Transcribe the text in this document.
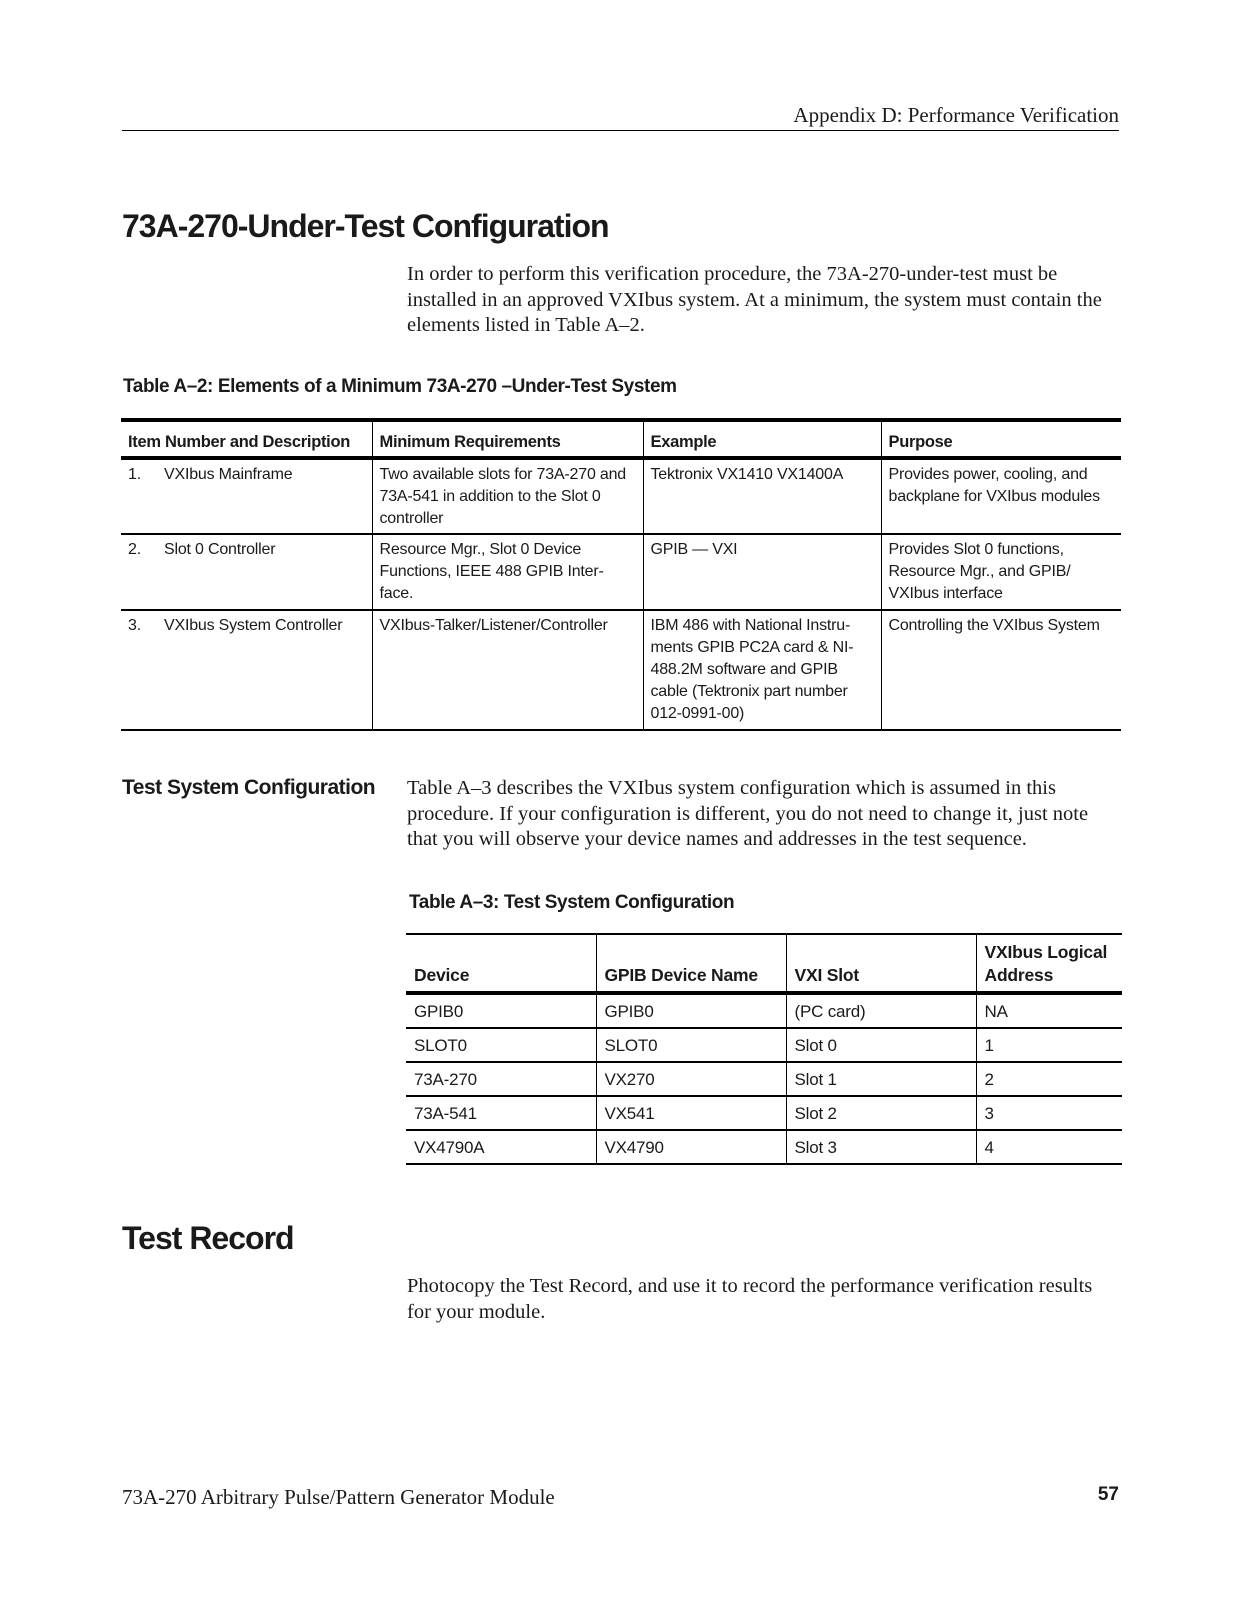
Appendix D: Performance Verification
73A-270-Under-Test Configuration
In order to perform this verification procedure, the 73A-270-under-test must be installed in an approved VXIbus system. At a minimum, the system must contain the elements listed in Table A–2.
Table A–2: Elements of a Minimum 73A-270 –Under-Test System
Item Number and Description	Minimum Requirements	Example	Purpose
1. VXIbus Mainframe	Two available slots for 73A-270 and 73A-541 in addition to the Slot 0 controller	Tektronix VX1410 VX1400A	Provides power, cooling, and backplane for VXIbus modules
2. Slot 0 Controller	Resource Mgr., Slot 0 Device Functions, IEEE 488 GPIB Inter-face.	GPIB — VXI	Provides Slot 0 functions, Resource Mgr., and GPIB/ VXIbus interface
3. VXIbus System Controller	VXIbus-Talker/Listener/Controller	IBM 486 with National Instru-ments GPIB PC2A card & NI-488.2M software and GPIB cable (Tektronix part number 012-0991-00)	Controlling the VXIbus System
Test System Configuration Table A–3 describes the VXIbus system configuration which is assumed in this procedure. If your configuration is different, you do not need to change it, just note that you will observe your device names and addresses in the test sequence.
Table A–3: Test System Configuration
Device	GPIB Device Name	VXI Slot	VXIbus Logical Address
GPIB0	GPIB0	(PC card)	NA
SLOT0	SLOT0	Slot 0	1
73A-270	VX270	Slot 1	2
73A-541	VX541	Slot 2	3
VX4790A	VX4790	Slot 3	4
Test Record
Photocopy the Test Record, and use it to record the performance verification results for your module.
73A-270 Arbitrary Pulse/Pattern Generator Module	57
